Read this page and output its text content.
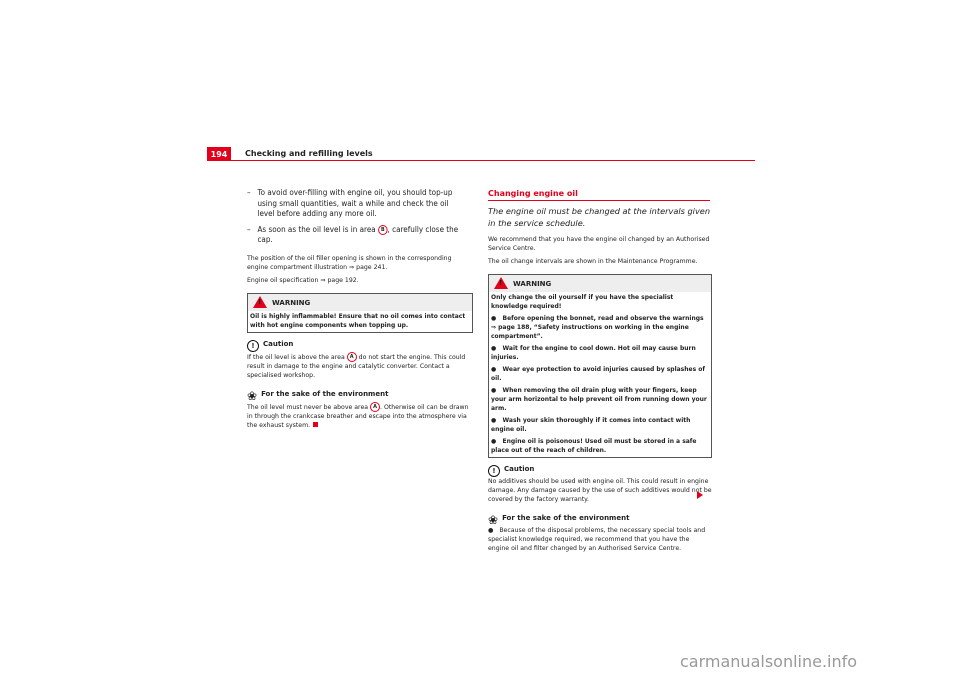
194	Checking and refilling levels
– To avoid over-filling with engine oil, you should top-up using small quantities, wait a while and check the oil level before adding any more oil.
– As soon as the oil level is in area B , carefully close the cap.

The position of the oil filler opening is shown in the corresponding engine compartment illustration ⇒ page 241.

Engine oil specification ⇒ page 192.

!
WARNING
Oil is highly inflammable! Ensure that no oil comes into contact with hot engine components when topping up.
!	Caution

If the oil level is above the area A do not start the engine. This could result in damage to the engine and catalytic converter. Contact a specialised workshop.

❀ For the sake of the environment

The oil level must never be above area A . Otherwise oil can be drawn in through the crankcase breather and escape into the atmosphere via the exhaust system.

Changing engine oil
The engine oil must be changed at the intervals given in the service schedule.

We recommend that you have the engine oil changed by an Authorised Service Centre.

The oil change intervals are shown in the Maintenance Programme.

!
WARNING
Only change the oil yourself if you have the specialist knowledge required!
●   Before opening the bonnet, read and observe the warnings ⇒ page 188, “Safety instructions on working in the engine compartment”.
●   Wait for the engine to cool down. Hot oil may cause burn injuries.
●   Wear eye protection to avoid injuries caused by splashes of oil.
●   When removing the oil drain plug with your fingers, keep your arm horizontal to help prevent oil from running down your arm.
●   Wash your skin thoroughly if it comes into contact with engine oil.
●   Engine oil is poisonous! Used oil must be stored in a safe place out of the reach of children.
!	Caution

No additives should be used with engine oil. This could result in engine damage. Any damage caused by the use of such additives would not be covered by the factory warranty.

❀ For the sake of the environment

●   Because of the disposal problems, the necessary special tools and specialist knowledge required, we recommend that you have the engine oil and filter changed by an Authorised Service Centre.

carmanualsonline.info
